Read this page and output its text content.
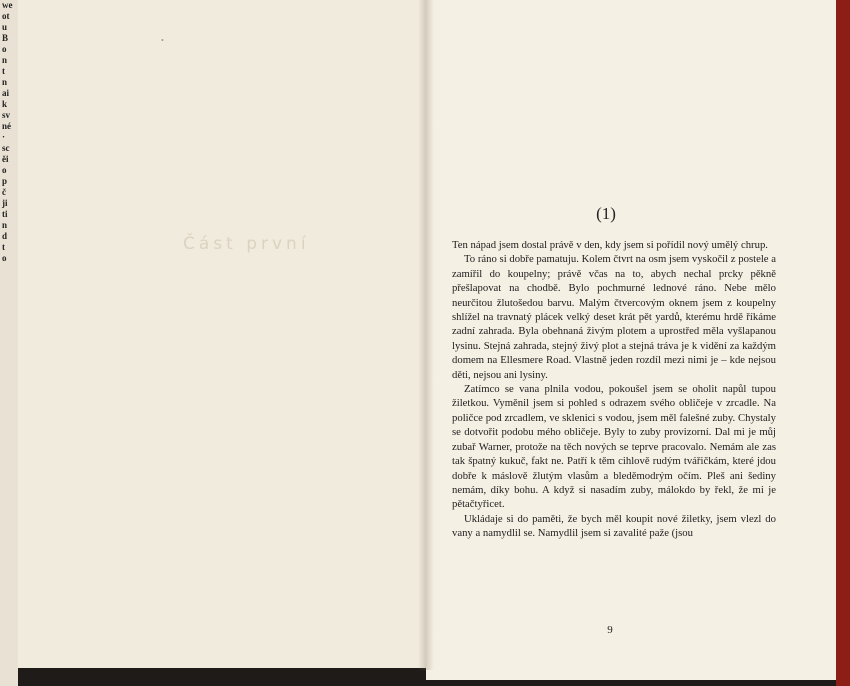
we
ot
u
B
o
n
t
n
ai
k
sv
né
·
sc
ěi
o
p
č
ji
ti
n
d
t
o
•
Část první
(1)

Ten nápad jsem dostal právě v den, kdy jsem si pořídil nový umělý chrup.

To ráno si dobře pamatuju. Kolem čtvrt na osm jsem vyskočil z postele a zamířil do koupelny; právě včas na to, abych nechal prcky pěkně přešlapovat na chodbě. Bylo pochmurné lednové ráno. Nebe mělo neurčitou žlutošedou barvu. Malým čtvercovým oknem jsem z koupelny shlížel na travnatý plácek velký deset krát pět yardů, kterému hrdě říkáme zadní zahrada. Byla obehnaná živým plotem a uprostřed měla vyšlapanou lysinu. Stejná zahrada, stejný živý plot a stejná tráva je k vidění za každým domem na Ellesmere Road. Vlastně jeden rozdíl mezi nimi je – kde nejsou děti, nejsou ani lysiny.

Zatímco se vana plnila vodou, pokoušel jsem se oholit napůl tupou žiletkou. Vyměnil jsem si pohled s odrazem svého obličeje v zrcadle. Na poličce pod zrcadlem, ve sklenici s vodou, jsem měl falešné zuby. Chystaly se dotvořit podobu mého obličeje. Byly to zuby provizorní. Dal mi je můj zubař Warner, protože na těch nových se teprve pracovalo. Nemám ale zas tak špatný kukuč, fakt ne. Patří k těm cihlově rudým tvářičkám, které jdou dobře k máslově žlutým vlasům a bleděmodrým očím. Pleš ani šediny nemám, díky bohu. A když si nasadím zuby, málokdo by řekl, že mi je pětačtyřicet.

Ukládaje si do paměti, že bych měl koupit nové žiletky, jsem vlezl do vany a namydlil se. Namydlil jsem si zavalité paže (jsou

9
